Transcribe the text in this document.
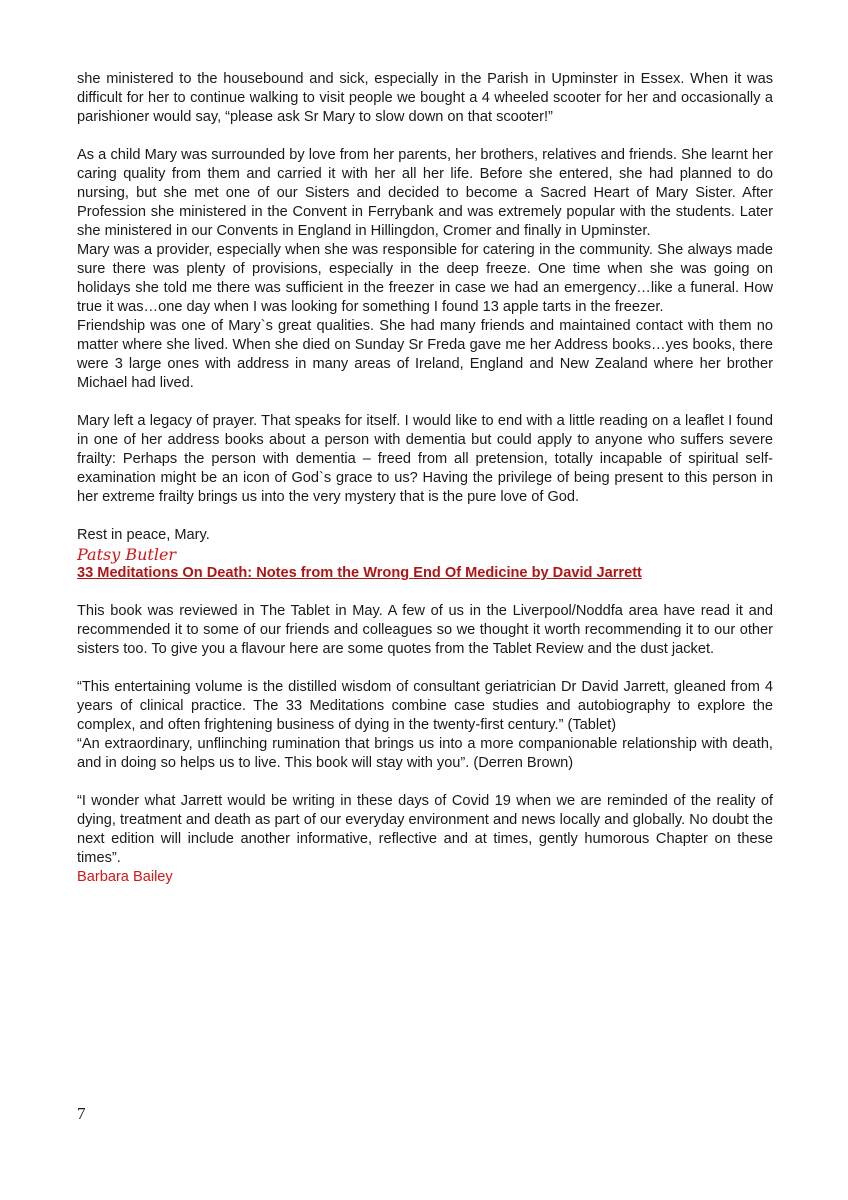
she ministered to the housebound and sick, especially in the Parish in Upminster in Essex. When it was difficult for her to continue walking to visit people we bought a 4 wheeled scooter for her and occasionally a parishioner would say, “please ask Sr Mary to slow down on that scooter!”

As a child Mary was surrounded by love from her parents, her brothers, relatives and friends. She learnt her caring quality from them and carried it with her all her life. Before she entered, she had planned to do nursing, but she met one of our Sisters and decided to become a Sacred Heart of Mary Sister. After Profession she ministered in the Convent in Ferrybank and was extremely popular with the students. Later she ministered in our Convents in England in Hillingdon, Cromer and finally in Upminster.

Mary was a provider, especially when she was responsible for catering in the community. She always made sure there was plenty of provisions, especially in the deep freeze. One time when she was going on holidays she told me there was sufficient in the freezer in case we had an emergency…like a funeral. How true it was…one day when I was looking for something I found 13 apple tarts in the freezer.

Friendship was one of Mary`s great qualities. She had many friends and maintained contact with them no matter where she lived. When she died on Sunday Sr Freda gave me her Address books…yes books, there were 3 large ones with address in many areas of Ireland, England and New Zealand where her brother Michael had lived.

Mary left a legacy of prayer. That speaks for itself. I would like to end with a little reading on a leaflet I found in one of her address books about a person with dementia but could apply to anyone who suffers severe frailty: Perhaps the person with dementia – freed from all pretension, totally incapable of spiritual self-examination might be an icon of God`s grace to us? Having the privilege of being present to this person in her extreme frailty brings us into the very mystery that is the pure love of God.

Rest in peace, Mary.

Patsy Butler

33 Meditations On Death: Notes from the Wrong End Of Medicine by David Jarrett

This book was reviewed in The Tablet in May. A few of us in the Liverpool/Noddfa area have read it and recommended it to some of our friends and colleagues so we thought it worth recommending it to our other sisters too. To give you a flavour here are some quotes from the Tablet Review and the dust jacket.

“This entertaining volume is the distilled wisdom of consultant geriatrician Dr David Jarrett, gleaned from 4 years of clinical practice. The 33 Meditations combine case studies and autobiography to explore the complex, and often frightening business of dying in the twenty-first century.” (Tablet)

“An extraordinary, unflinching rumination that brings us into a more companionable relationship with death, and in doing so helps us to live. This book will stay with you”. (Derren Brown)

“I wonder what Jarrett would be writing in these days of Covid 19 when we are reminded of the reality of dying, treatment and death as part of our everyday environment and news locally and globally. No doubt the next edition will include another informative, reflective and at times, gently humorous Chapter on these times”.

Barbara Bailey

7
